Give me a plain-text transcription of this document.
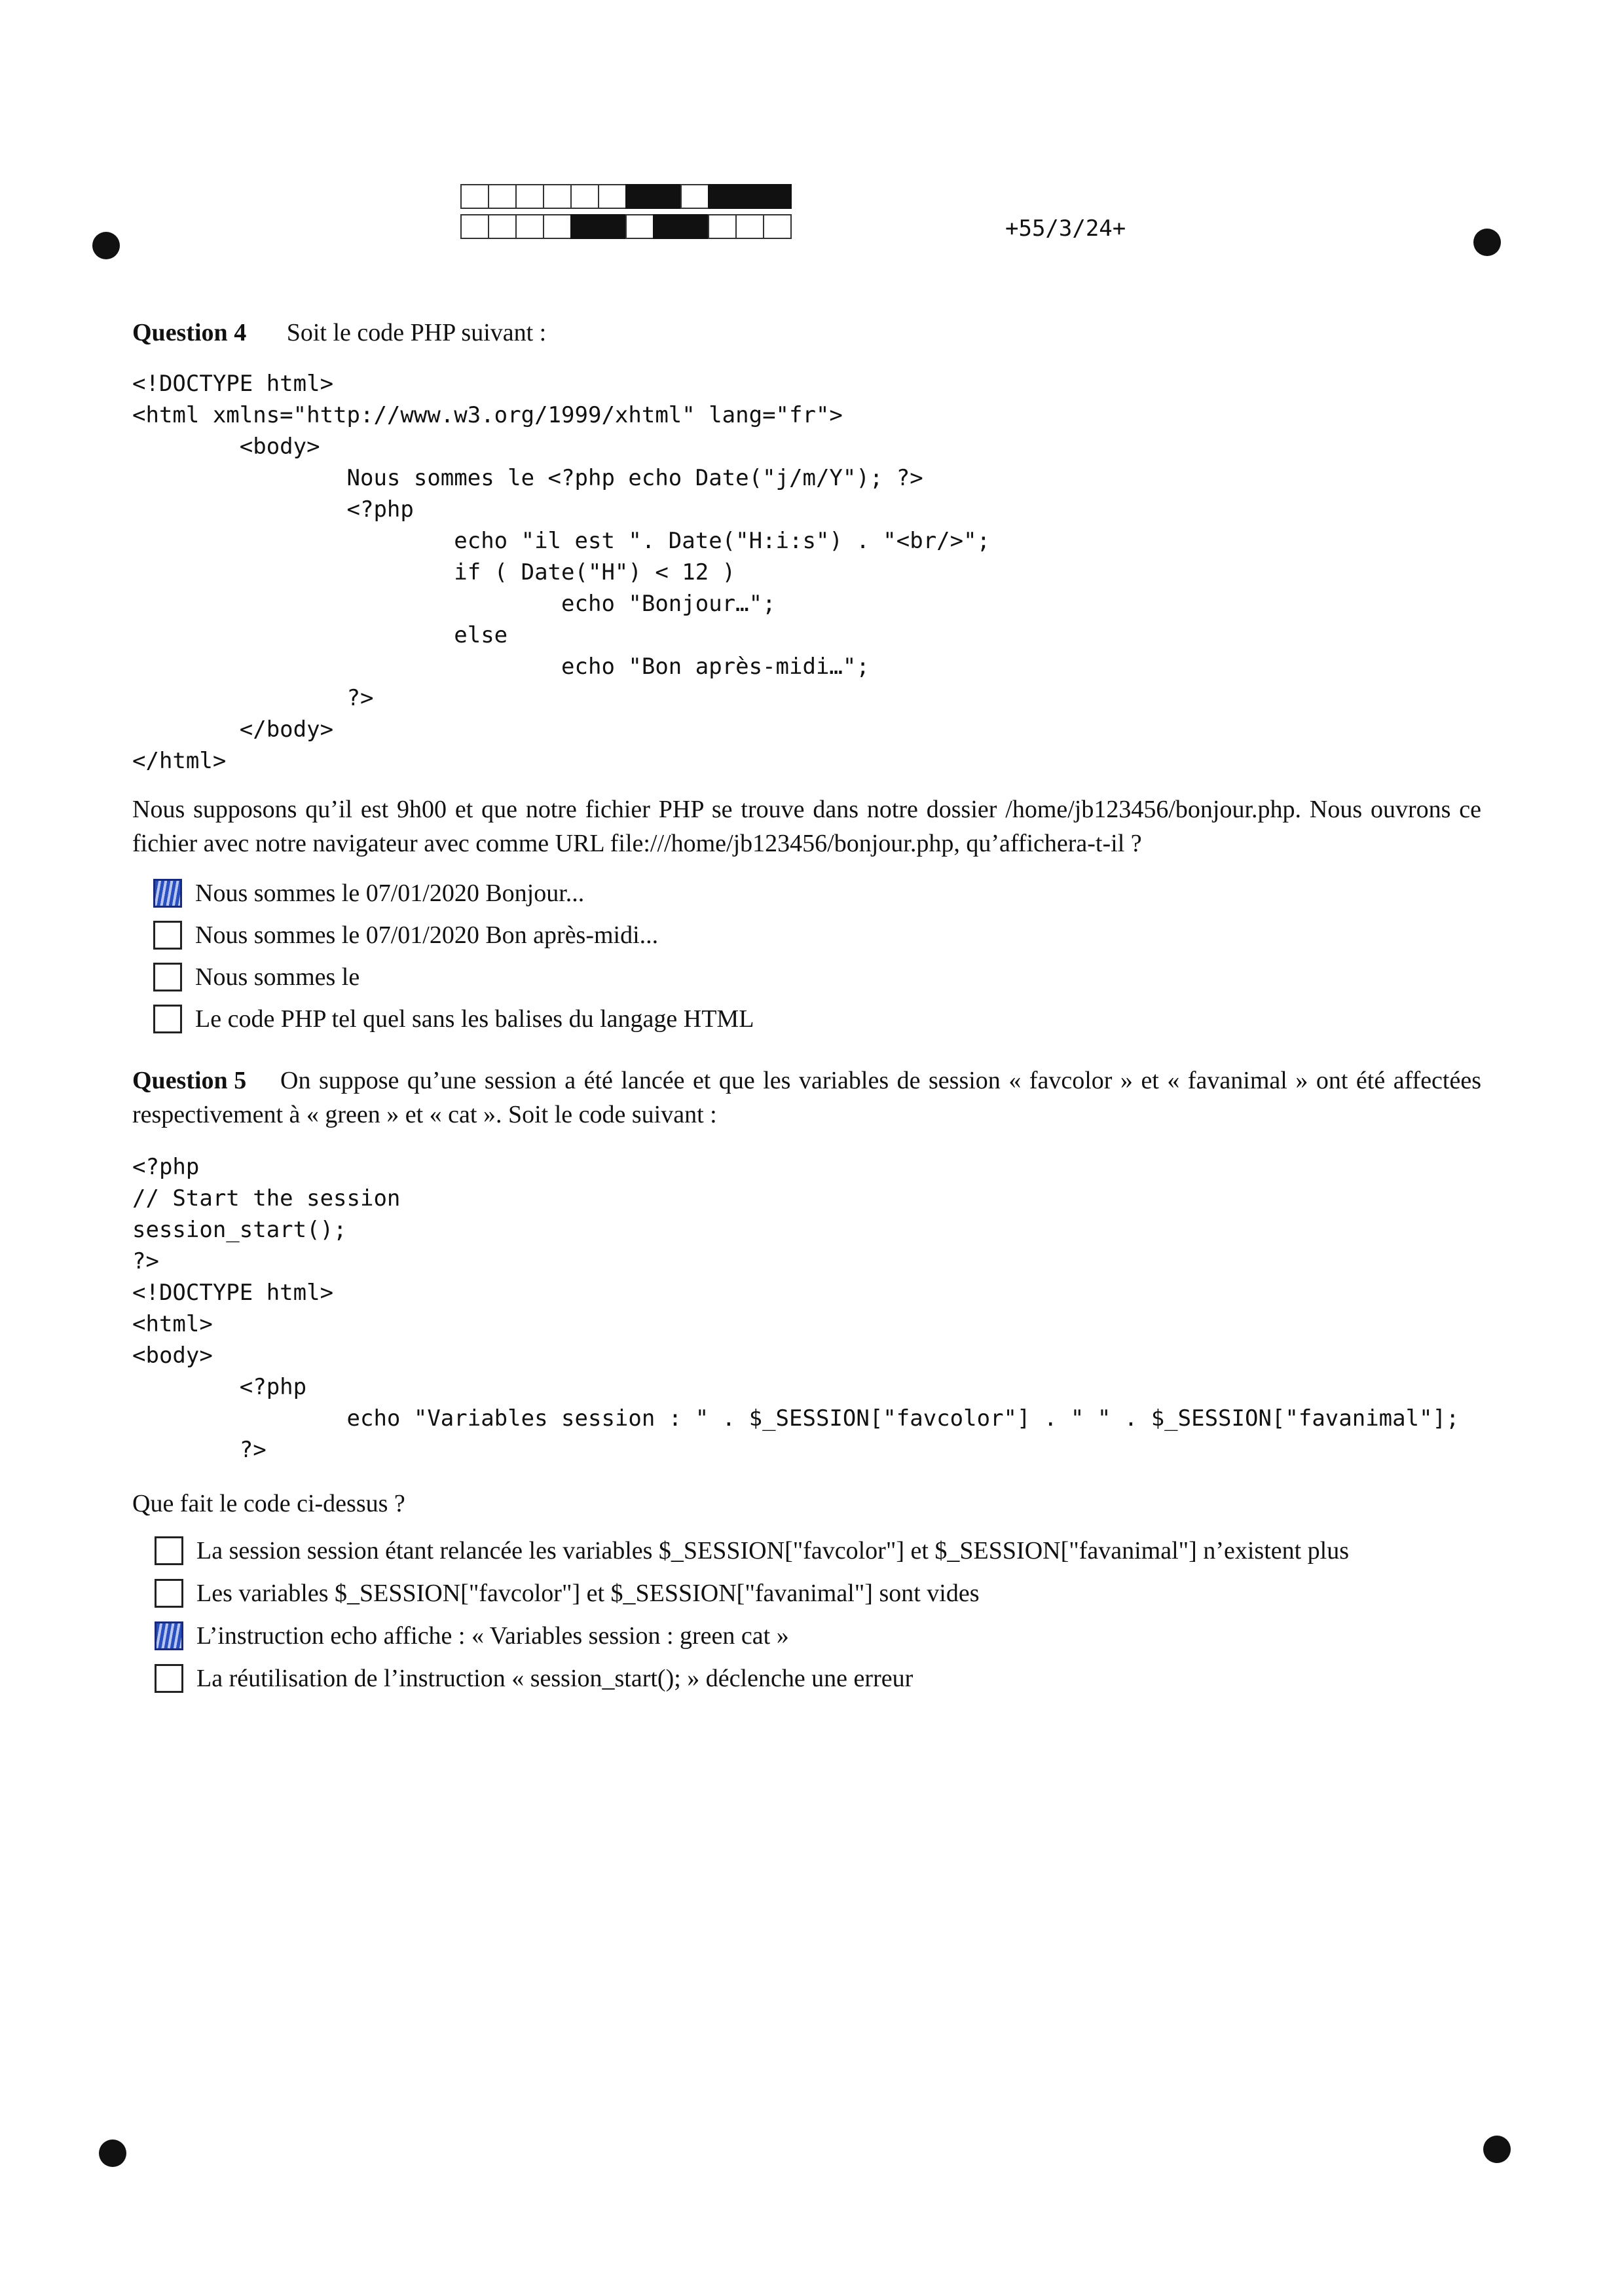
+55/3/24+
Question 4 Soit le code PHP suivant :
<!DOCTYPE html>
<html xmlns="http://www.w3.org/1999/xhtml" lang="fr">
<body>
Nous sommes le <?php echo Date("j/m/Y"); ?>
<?php
echo "il est ". Date("H:i:s") . "<br/>";
if ( Date("H") < 12 )
echo "Bonjour…";
else
echo "Bon après-midi…";
?>
</body>
</html>
Nous supposons qu’il est 9h00 et que notre fichier PHP se trouve dans notre dossier /home/jb123456/bonjour.php. Nous ouvrons ce fichier avec notre navigateur avec comme URL file:///home/jb123456/bonjour.php, qu’affichera-t-il ?
Nous sommes le 07/01/2020 Bonjour...
Nous sommes le 07/01/2020 Bon après-midi...
Nous sommes le
Le code PHP tel quel sans les balises du langage HTML
Question 5	On suppose qu’une session a été lancée et que les variables de session « favcolor » et « favanimal » ont été affectées respectivement à « green » et « cat ». Soit le code suivant :
<?php
// Start the session
session_start();
?>
<!DOCTYPE html>
<html>
<body>
<?php
echo "Variables session : " . $_SESSION["favcolor"] . " " . $_SESSION["favanimal"];
?>
Que fait le code ci-dessus ?
La session session étant relancée les variables $_SESSION["favcolor"] et $_SESSION["favanimal"] n’existent plus
Les variables $_SESSION["favcolor"] et $_SESSION["favanimal"] sont vides
L’instruction echo affiche : « Variables session : green cat »
La réutilisation de l’instruction « session_start(); » déclenche une erreur
